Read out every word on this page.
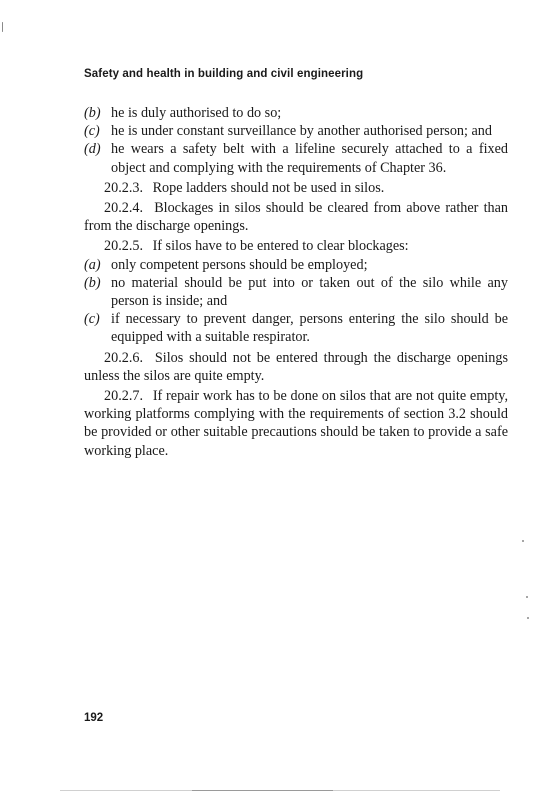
Safety and health in building and civil engineering
(b) he is duly authorised to do so;
(c) he is under constant surveillance by another authorised person; and
(d) he wears a safety belt with a lifeline securely attached to a fixed object and complying with the requirements of Chapter 36.

20.2.3. Rope ladders should not be used in silos.

20.2.4. Blockages in silos should be cleared from above rather than from the discharge openings.

20.2.5. If silos have to be entered to clear blockages:

(a) only competent persons should be employed;
(b) no material should be put into or taken out of the silo while any person is inside; and
(c) if necessary to prevent danger, persons entering the silo should be equipped with a suitable respirator.

20.2.6. Silos should not be entered through the discharge openings unless the silos are quite empty.

20.2.7. If repair work has to be done on silos that are not quite empty, working platforms complying with the requirements of section 3.2 should be provided or other suitable precautions should be taken to provide a safe working place.

192
